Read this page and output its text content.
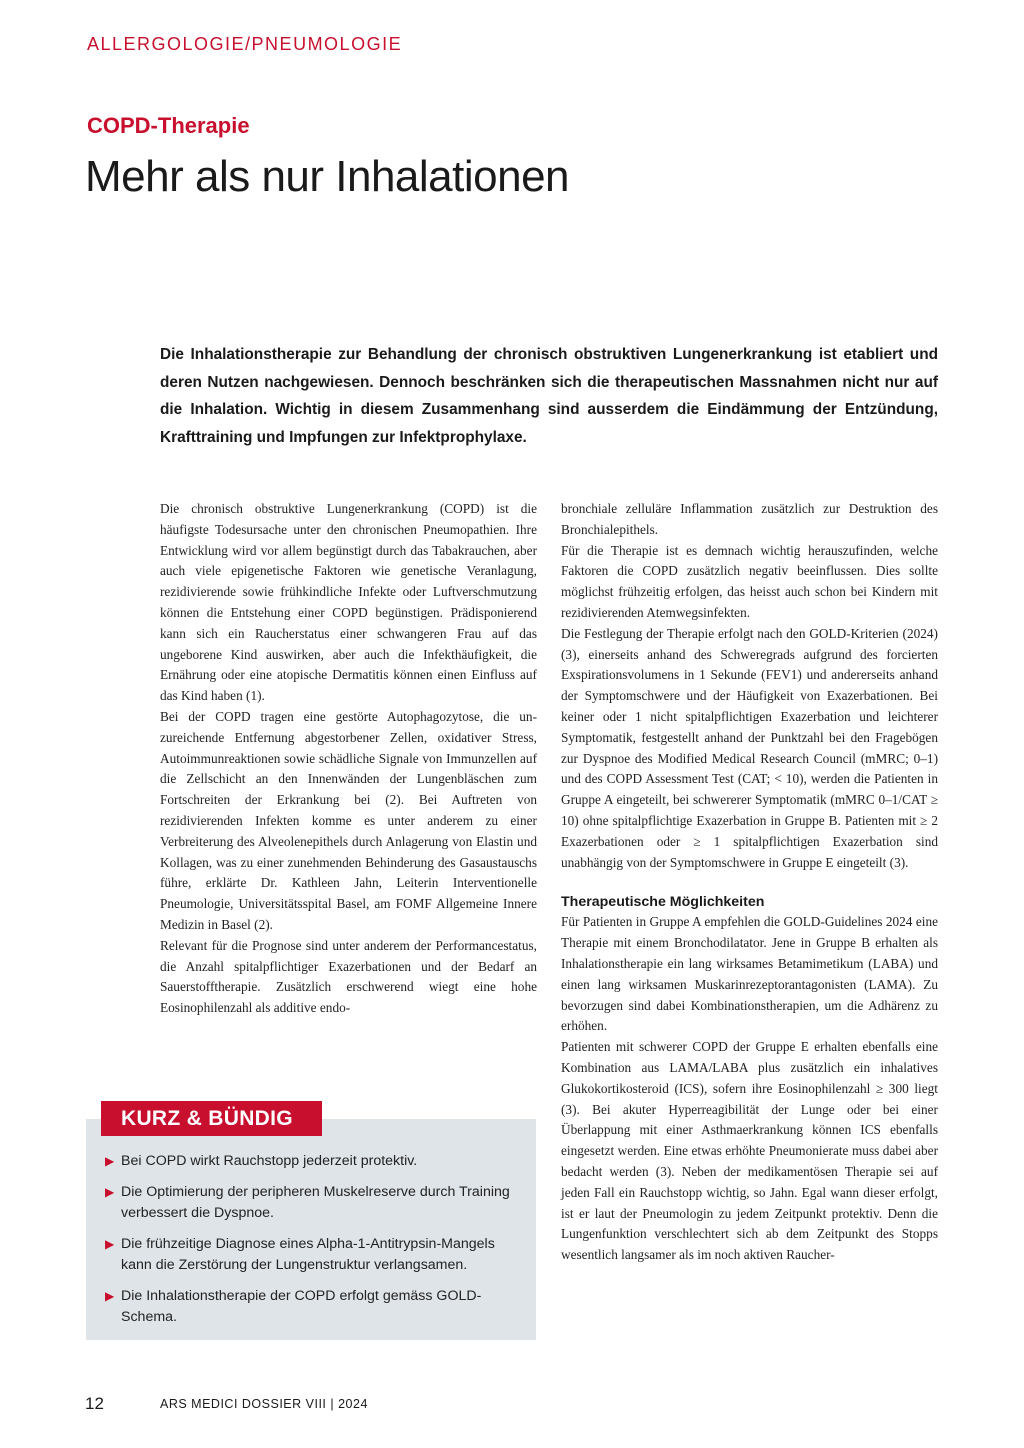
ALLERGOLOGIE/PNEUMOLOGIE
COPD-Therapie
Mehr als nur Inhalationen

Die Inhalationstherapie zur Behandlung der chronisch obstruktiven Lungenerkrankung ist etabliert und deren Nutzen nachgewiesen. Dennoch beschränken sich die therapeutischen Massnahmen nicht nur auf die Inhalation. Wichtig in diesem Zusammenhang sind ausserdem die Eindämmung der Entzündung, Krafttraining und Impfungen zur Infektprophylaxe.

Die chronisch obstruktive Lungenerkrankung (COPD) ist die häufigste Todesursache unter den chronischen Pneumopathien. Ihre Entwicklung wird vor allem begünstigt durch das Tabakrauchen, aber auch viele epigenetische Faktoren wie genetische Veranlagung, rezidivierende sowie frühkindliche Infekte oder Luftverschmutzung können die Entstehung einer COPD begünstigen. Prädisponierend kann sich ein Raucherstatus einer schwangeren Frau auf das ungeborene Kind auswirken, aber auch die Infekthäufigkeit, die Ernährung oder eine atopische Dermatitis können einen Einfluss auf das Kind haben (1).

Bei der COPD tragen eine gestörte Autophagozytose, die unzureichende Entfernung abgestorbener Zellen, oxidativer Stress, Autoimmunreaktionen sowie schädliche Signale von Immunzellen auf die Zellschicht an den Innenwänden der Lungenbläschen zum Fortschreiten der Erkrankung bei (2). Bei Auftreten von rezidivierenden Infekten komme es unter anderem zu einer Verbreiterung des Alveolenepithels durch Anlagerung von Elastin und Kollagen, was zu einer zunehmenden Behinderung des Gasaustauschs führe, erklärte Dr. Kathleen Jahn, Leiterin Interventionelle Pneumologie, Universitätsspital Basel, am FOMF Allgemeine Innere Medizin in Basel (2).

Relevant für die Prognose sind unter anderem der Performancestatus, die Anzahl spitalpflichtiger Exazerbationen und der Bedarf an Sauerstofftherapie. Zusätzlich erschwerend wiegt eine hohe Eosinophilenzahl als additive endo-

bronchiale zelluläre Inflammation zusätzlich zur Destruktion des Bronchialepithels.

Für die Therapie ist es demnach wichtig herauszufinden, welche Faktoren die COPD zusätzlich negativ beeinflussen. Dies sollte möglichst frühzeitig erfolgen, das heisst auch schon bei Kindern mit rezidivierenden Atemwegsinfekten.

Die Festlegung der Therapie erfolgt nach den GOLD-Kriterien (2024) (3), einerseits anhand des Schweregrads aufgrund des forcierten Exspirationsvolumens in 1 Sekunde (FEV1) und andererseits anhand der Symptomschwere und der Häufigkeit von Exazerbationen. Bei keiner oder 1 nicht spitalpflichtigen Exazerbation und leichterer Symptomatik, festgestellt anhand der Punktzahl bei den Fragebögen zur Dyspnoe des Modified Medical Research Council (mMRC; 0–1) und des COPD Assessment Test (CAT; < 10), werden die Patienten in Gruppe A eingeteilt, bei schwererer Symptomatik (mMRC 0–1/CAT ≥ 10) ohne spitalpflichtige Exazerbation in Gruppe B. Patienten mit ≥ 2 Exazerbationen oder ≥ 1 spitalpflichtigen Exazerbation sind unabhängig von der Symptomschwere in Gruppe E eingeteilt (3).

Therapeutische Möglichkeiten

Für Patienten in Gruppe A empfehlen die GOLD-Guidelines 2024 eine Therapie mit einem Bronchodilatator. Jene in Gruppe B erhalten als Inhalationstherapie ein lang wirksames Betamimetikum (LABA) und einen lang wirksamen Muskarinrezeptorantagonisten (LAMA). Zu bevorzugen sind dabei Kombinationstherapien, um die Adhärenz zu erhöhen.

Patienten mit schwerer COPD der Gruppe E erhalten ebenfalls eine Kombination aus LAMA/LABA plus zusätzlich ein inhalatives Glukokortikosteroid (ICS), sofern ihre Eosinophilenzahl ≥ 300 liegt (3). Bei akuter Hyperreagibilität der Lunge oder bei einer Überlappung mit einer Asthmaerkrankung können ICS ebenfalls eingesetzt werden. Eine etwas erhöhte Pneumonierate muss dabei aber bedacht werden (3). Neben der medikamentösen Therapie sei auf jeden Fall ein Rauchstopp wichtig, so Jahn. Egal wann dieser erfolgt, ist er laut der Pneumologin zu jedem Zeitpunkt protektiv. Denn die Lungenfunktion verschlechtert sich ab dem Zeitpunkt des Stopps wesentlich langsamer als im noch aktiven Raucher-

▶ Bei COPD wirkt Rauchstopp jederzeit protektiv.
▶ Die Optimierung der peripheren Muskelreserve durch Training verbessert die Dyspnoe.
▶ Die frühzeitige Diagnose eines Alpha-1-Antitrypsin-Mangels kann die Zerstörung der Lungenstruktur verlangsamen.
▶ Die Inhalationstherapie der COPD erfolgt gemäss GOLD-Schema.
KURZ & BÜNDIG
12	ARS MEDICI DOSSIER VIII | 2024
